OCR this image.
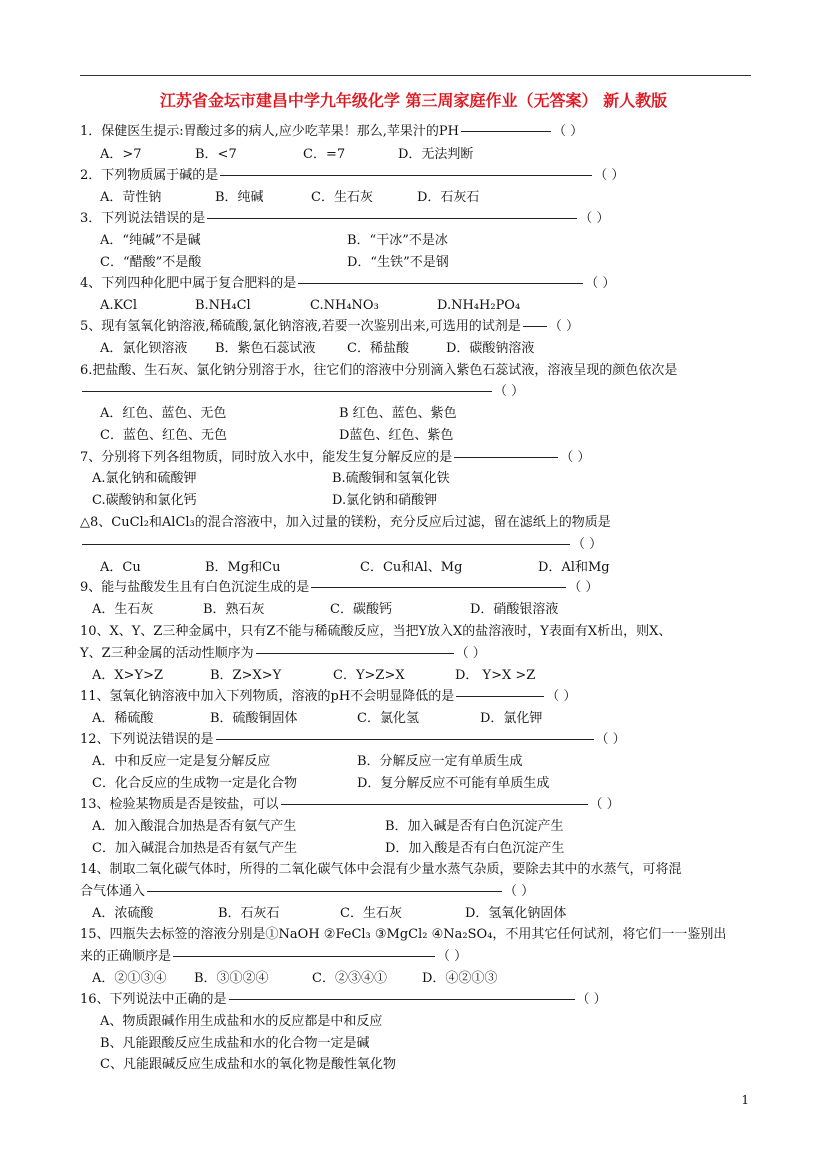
江苏省金坛市建昌中学九年级化学 第三周家庭作业（无答案） 新人教版
1．保健医生提示:胃酸过多的病人,应少吃苹果！那么,苹果汁的PH	（ ）
A．>7	B．<7	C．=7	D．无法判断
2．下列物质属于碱的是	（ ）
A．苛性钠	B．纯碱	C．生石灰	D．石灰石
3．下列说法错误的是	（ ）
A．“纯碱”不是碱	B．“干冰”不是冰
C．“醋酸”不是酸	D．“生铁”不是钢
4、下列四种化肥中属于复合肥料的是	（ ）
A.KCl	B.NH₄Cl	C.NH₄NO₃	D.NH₄H₂PO₄
5、现有氢氧化钠溶液,稀硫酸,氯化钠溶液,若要一次鉴别出来,可选用的试剂是 （ ）
A．氯化钡溶液 B．紫色石蕊试液 C．稀盐酸	D．碳酸钠溶液
6.把盐酸、生石灰、氯化钠分别溶于水，往它们的溶液中分别滴入紫色石蕊试液，溶液呈现的颜色依次是
（ ）
A．红色、蓝色、无色	B 红色、蓝色、紫色
C．蓝色、红色、无色	D蓝色、红色、紫色
7、分别将下列各组物质，同时放入水中，能发生复分解反应的是	（ ）
A.氯化钠和硫酸钾	B.硫酸铜和氢氧化铁
C.碳酸钠和氯化钙	D.氯化钠和硝酸钾
△8、CuCl₂和AlCl₃的混合溶液中，加入过量的镁粉，充分反应后过滤，留在滤纸上的物质是
（ ）
A．Cu	B．Mg和Cu	C．Cu和Al、Mg	D．Al和Mg
9、能与盐酸发生且有白色沉淀生成的是	（ ）
A．生石灰	B．熟石灰	C．碳酸钙	D．硝酸银溶液
10、X、Y、Z三种金属中，只有Z不能与稀硫酸反应，当把Y放入X的盐溶液时，Y表面有X析出，则X、
Y、Z三种金属的活动性顺序为	（ ）
A．X>Y>Z	B．Z>X>Y	C．Y>Z>X	D． Y>X >Z
11、氢氧化钠溶液中加入下列物质，溶液的pH不会明显降低的是	（ ）
A．稀硫酸	B．硫酸铜固体	C．氯化氢	D．氯化钾
12、下列说法错误的是	（ ）
A．中和反应一定是复分解反应	B．分解反应一定有单质生成
C．化合反应的生成物一定是化合物	D．复分解反应不可能有单质生成
13、检验某物质是否是铵盐，可以	（ ）
A．加入酸混合加热是否有氨气产生	B．加入碱是否有白色沉淀产生
C．加入碱混合加热是否有氨气产生	D．加入酸是否有白色沉淀产生
14、制取二氧化碳气体时，所得的二氧化碳气体中会混有少量水蒸气杂质，要除去其中的水蒸气，可将混
合气体通入	（ ）
A．浓硫酸	B．石灰石	C．生石灰	D．氢氧化钠固体
15、四瓶失去标签的溶液分别是①NaOH ②FeCl₃ ③MgCl₂ ④Na₂SO₄，不用其它任何试剂，将它们一一鉴别出
来的正确顺序是	（ ）
A．②①③④ B．③①②④	C．②③④①	D．④②①③
16、下列说法中正确的是	（ ）
A、物质跟碱作用生成盐和水的反应都是中和反应
B、凡能跟酸反应生成盐和水的化合物一定是碱
C、凡能跟碱反应生成盐和水的氧化物是酸性氧化物
1
